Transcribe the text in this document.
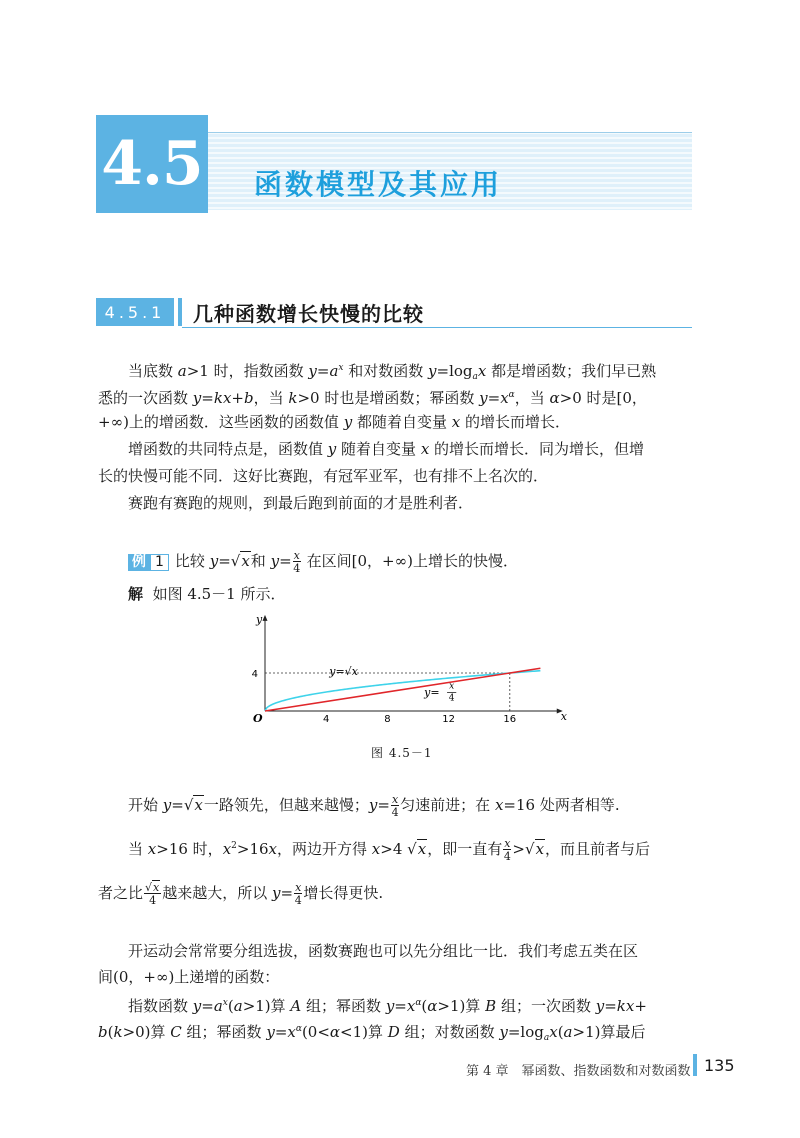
4.5 函数模型及其应用
4.5.1	几种函数增长快慢的比较
当底数 a>1 时，指数函数 $y=a^x$ 和对数函数 $y=\log_ax$ 都是增函数；我们早已熟
悉的一次函数 y=kx+b，当 k>0 时也是增函数；幂函数 $y=x^\alpha$，当 α>0 时是[0，
+∞)上的增函数．这些函数的函数值 y 都随着自变量 x 的增长而增长．
增函数的共同特点是，函数值 y 随着自变量 x 的增长而增长．同为增长，但增
长的快慢可能不同．这好比赛跑，有冠军亚军，也有排不上名次的．
赛跑有赛跑的规则，到最后跑到前面的才是胜利者．
例 1 比较 y=√x和 $y= \frac{x}{4}$ 在区间[0，+∞)上增长的快慢．
解 如图 4.5－1 所示．
x
y
O	4	8	12	16
4	y=√x
y= x
4
图 4.5－1
开始 y=√x一路领先，但越来越慢；$y= \frac{x}{4}$ 匀速前进；在 x=16 处两者相等.
当 x>16 时，$x^2>16x$，两边开方得 x>4 √x，即一直有 $\frac{x}{4} >√x$，而且前者与后
者之比 $\frac{√x}{4}$ 越来越大，所以 $y= \frac{x}{4}$ 增长得更快.
开运动会常常要分组选拔，函数赛跑也可以先分组比一比．我们考虑五类在区
间(0，+∞)上递增的函数：
指数函数 $y=a^x(a>1)$算 A 组；幂函数 $y=x^\alpha(\alpha>1)$算 B 组；一次函数 y=kx+
b(k>0)算 C 组；幂函数 $y=x^\alpha(0<\alpha<1)$算 D 组；对数函数 $y=\log_ax(a>1)$算最后
第 4 章　幂函数、指数函数和对数函数 135
